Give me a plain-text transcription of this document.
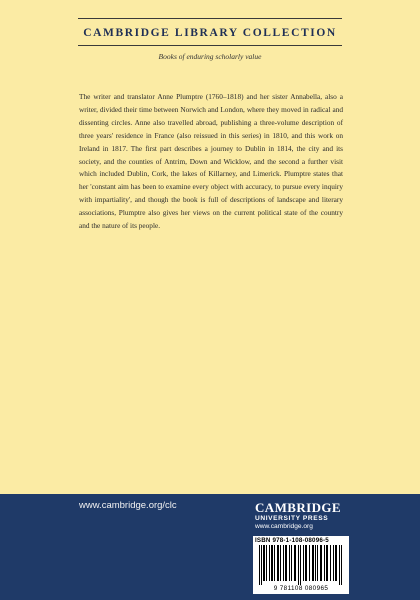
CAMBRIDGE LIBRARY COLLECTION
Books of enduring scholarly value
The writer and translator Anne Plumptre (1760–1818) and her sister Annabella, also a writer, divided their time between Norwich and London, where they moved in radical and dissenting circles. Anne also travelled abroad, publishing a three-volume description of three years' residence in France (also reissued in this series) in 1810, and this work on Ireland in 1817. The first part describes a journey to Dublin in 1814, the city and its society, and the counties of Antrim, Down and Wicklow, and the second a further visit which included Dublin, Cork, the lakes of Killarney, and Limerick. Plumptre states that her 'constant aim has been to examine every object with accuracy, to pursue every inquiry with impartiality', and though the book is full of descriptions of landscape and literary associations, Plumptre also gives her views on the current political state of the country and the nature of its people.
www.cambridge.org/clc	CAMBRIDGE
UNIVERSITY PRESS
www.cambridge.org
ISBN 978-1-108-08096-5
9 781108 080965
